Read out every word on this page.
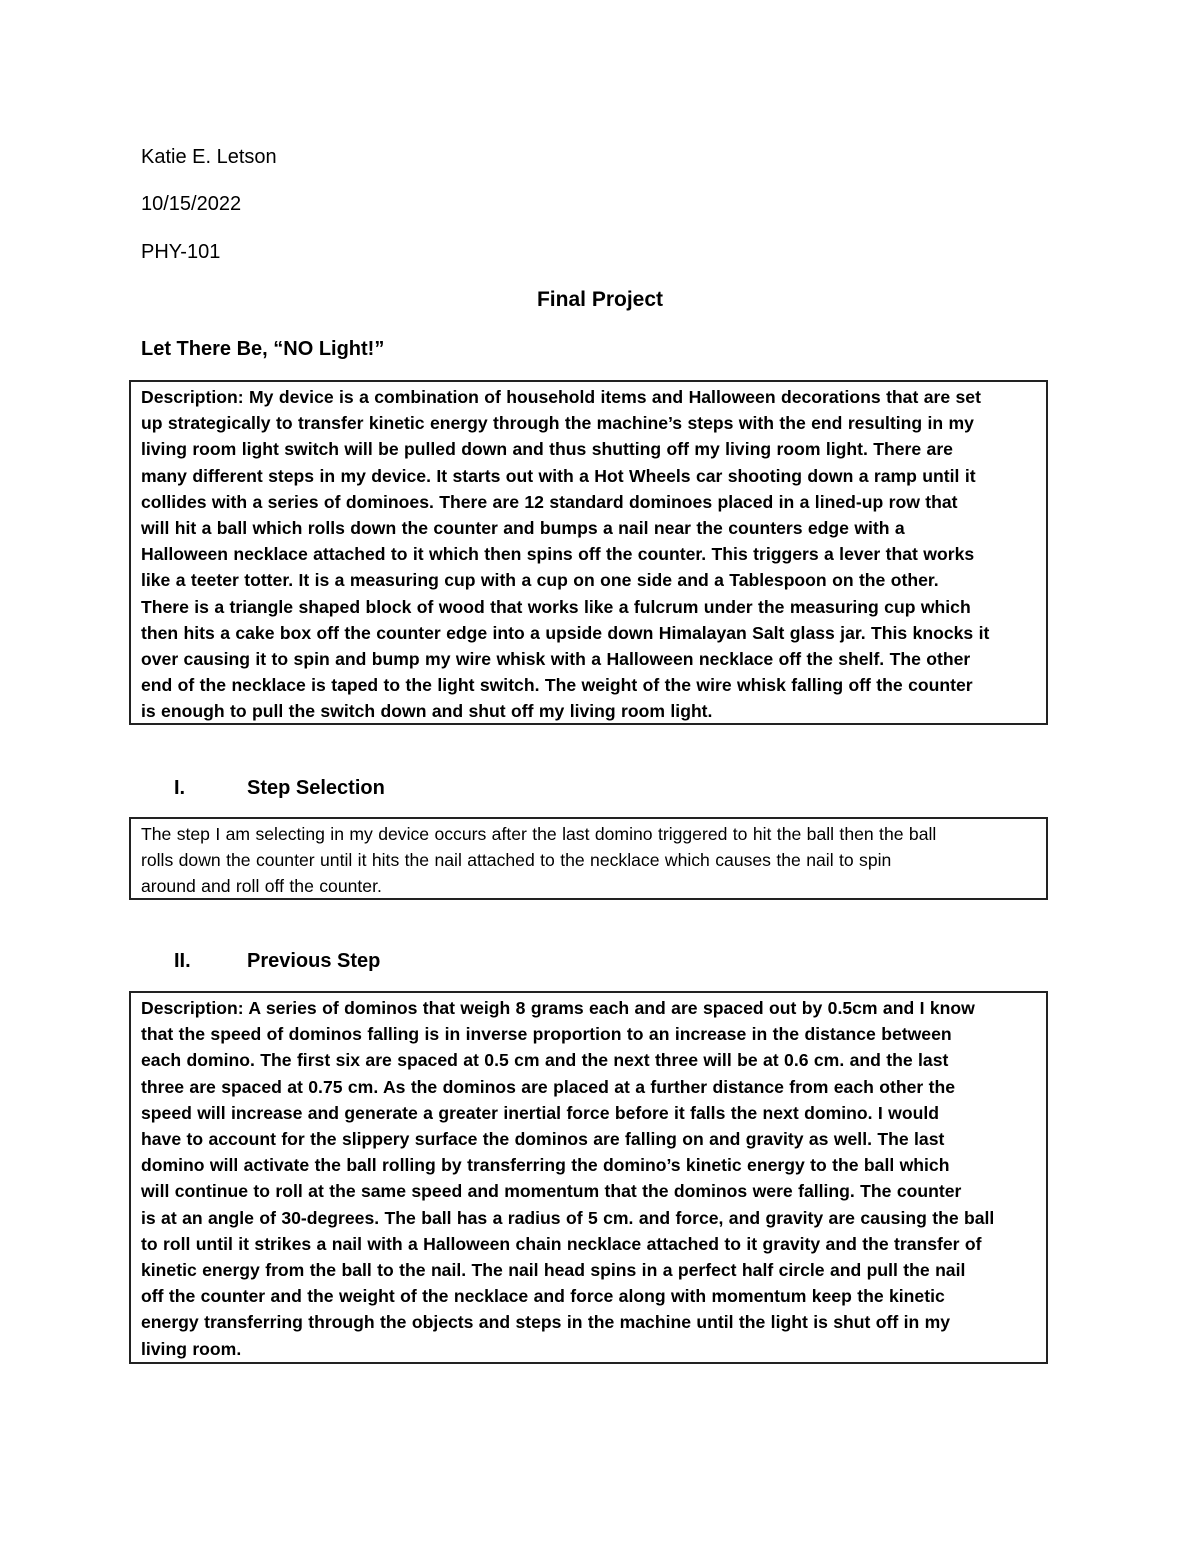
Katie E. Letson
10/15/2022
PHY-101
Final Project
Let There Be, “NO Light!”

Description: My device is a combination of household items and Halloween decorations that are set

up strategically to transfer kinetic energy through the machine’s steps with the end resulting in my

living room light switch will be pulled down and thus shutting off my living room light. There are

many different steps in my device. It starts out with a Hot Wheels car shooting down a ramp until it

collides with a series of dominoes. There are 12 standard dominoes placed in a lined-up row that

will hit a ball which rolls down the counter and bumps a nail near the counters edge with a

Halloween necklace attached to it which then spins off the counter. This triggers a lever that works

like a teeter totter. It is a measuring cup with a cup on one side and a Tablespoon on the other.

There is a triangle shaped block of wood that works like a fulcrum under the measuring cup which

then hits a cake box off the counter edge into a upside down Himalayan Salt glass jar. This knocks it

over causing it to spin and bump my wire whisk with a Halloween necklace off the shelf. The other

end of the necklace is taped to the light switch. The weight of the wire whisk falling off the counter

is enough to pull the switch down and shut off my living room light.

I.	Step Selection

The step I am selecting in my device occurs after the last domino triggered to hit the ball then the ball

rolls down the counter until it hits the nail attached to the necklace which causes the nail to spin

around and roll off the counter.

II.	Previous Step

Description: A series of dominos that weigh 8 grams each and are spaced out by 0.5cm and I know

that the speed of dominos falling is in inverse proportion to an increase in the distance between

each domino. The first six are spaced at 0.5 cm and the next three will be at 0.6 cm. and the last

three are spaced at 0.75 cm. As the dominos are placed at a further distance from each other the

speed will increase and generate a greater inertial force before it falls the next domino. I would

have to account for the slippery surface the dominos are falling on and gravity as well. The last

domino will activate the ball rolling by transferring the domino’s kinetic energy to the ball which

will continue to roll at the same speed and momentum that the dominos were falling. The counter

is at an angle of 30-degrees. The ball has a radius of 5 cm. and force, and gravity are causing the ball

to roll until it strikes a nail with a Halloween chain necklace attached to it gravity and the transfer of

kinetic energy from the ball to the nail. The nail head spins in a perfect half circle and pull the nail

off the counter and the weight of the necklace and force along with momentum keep the kinetic

energy transferring through the objects and steps in the machine until the light is shut off in my

living room.
